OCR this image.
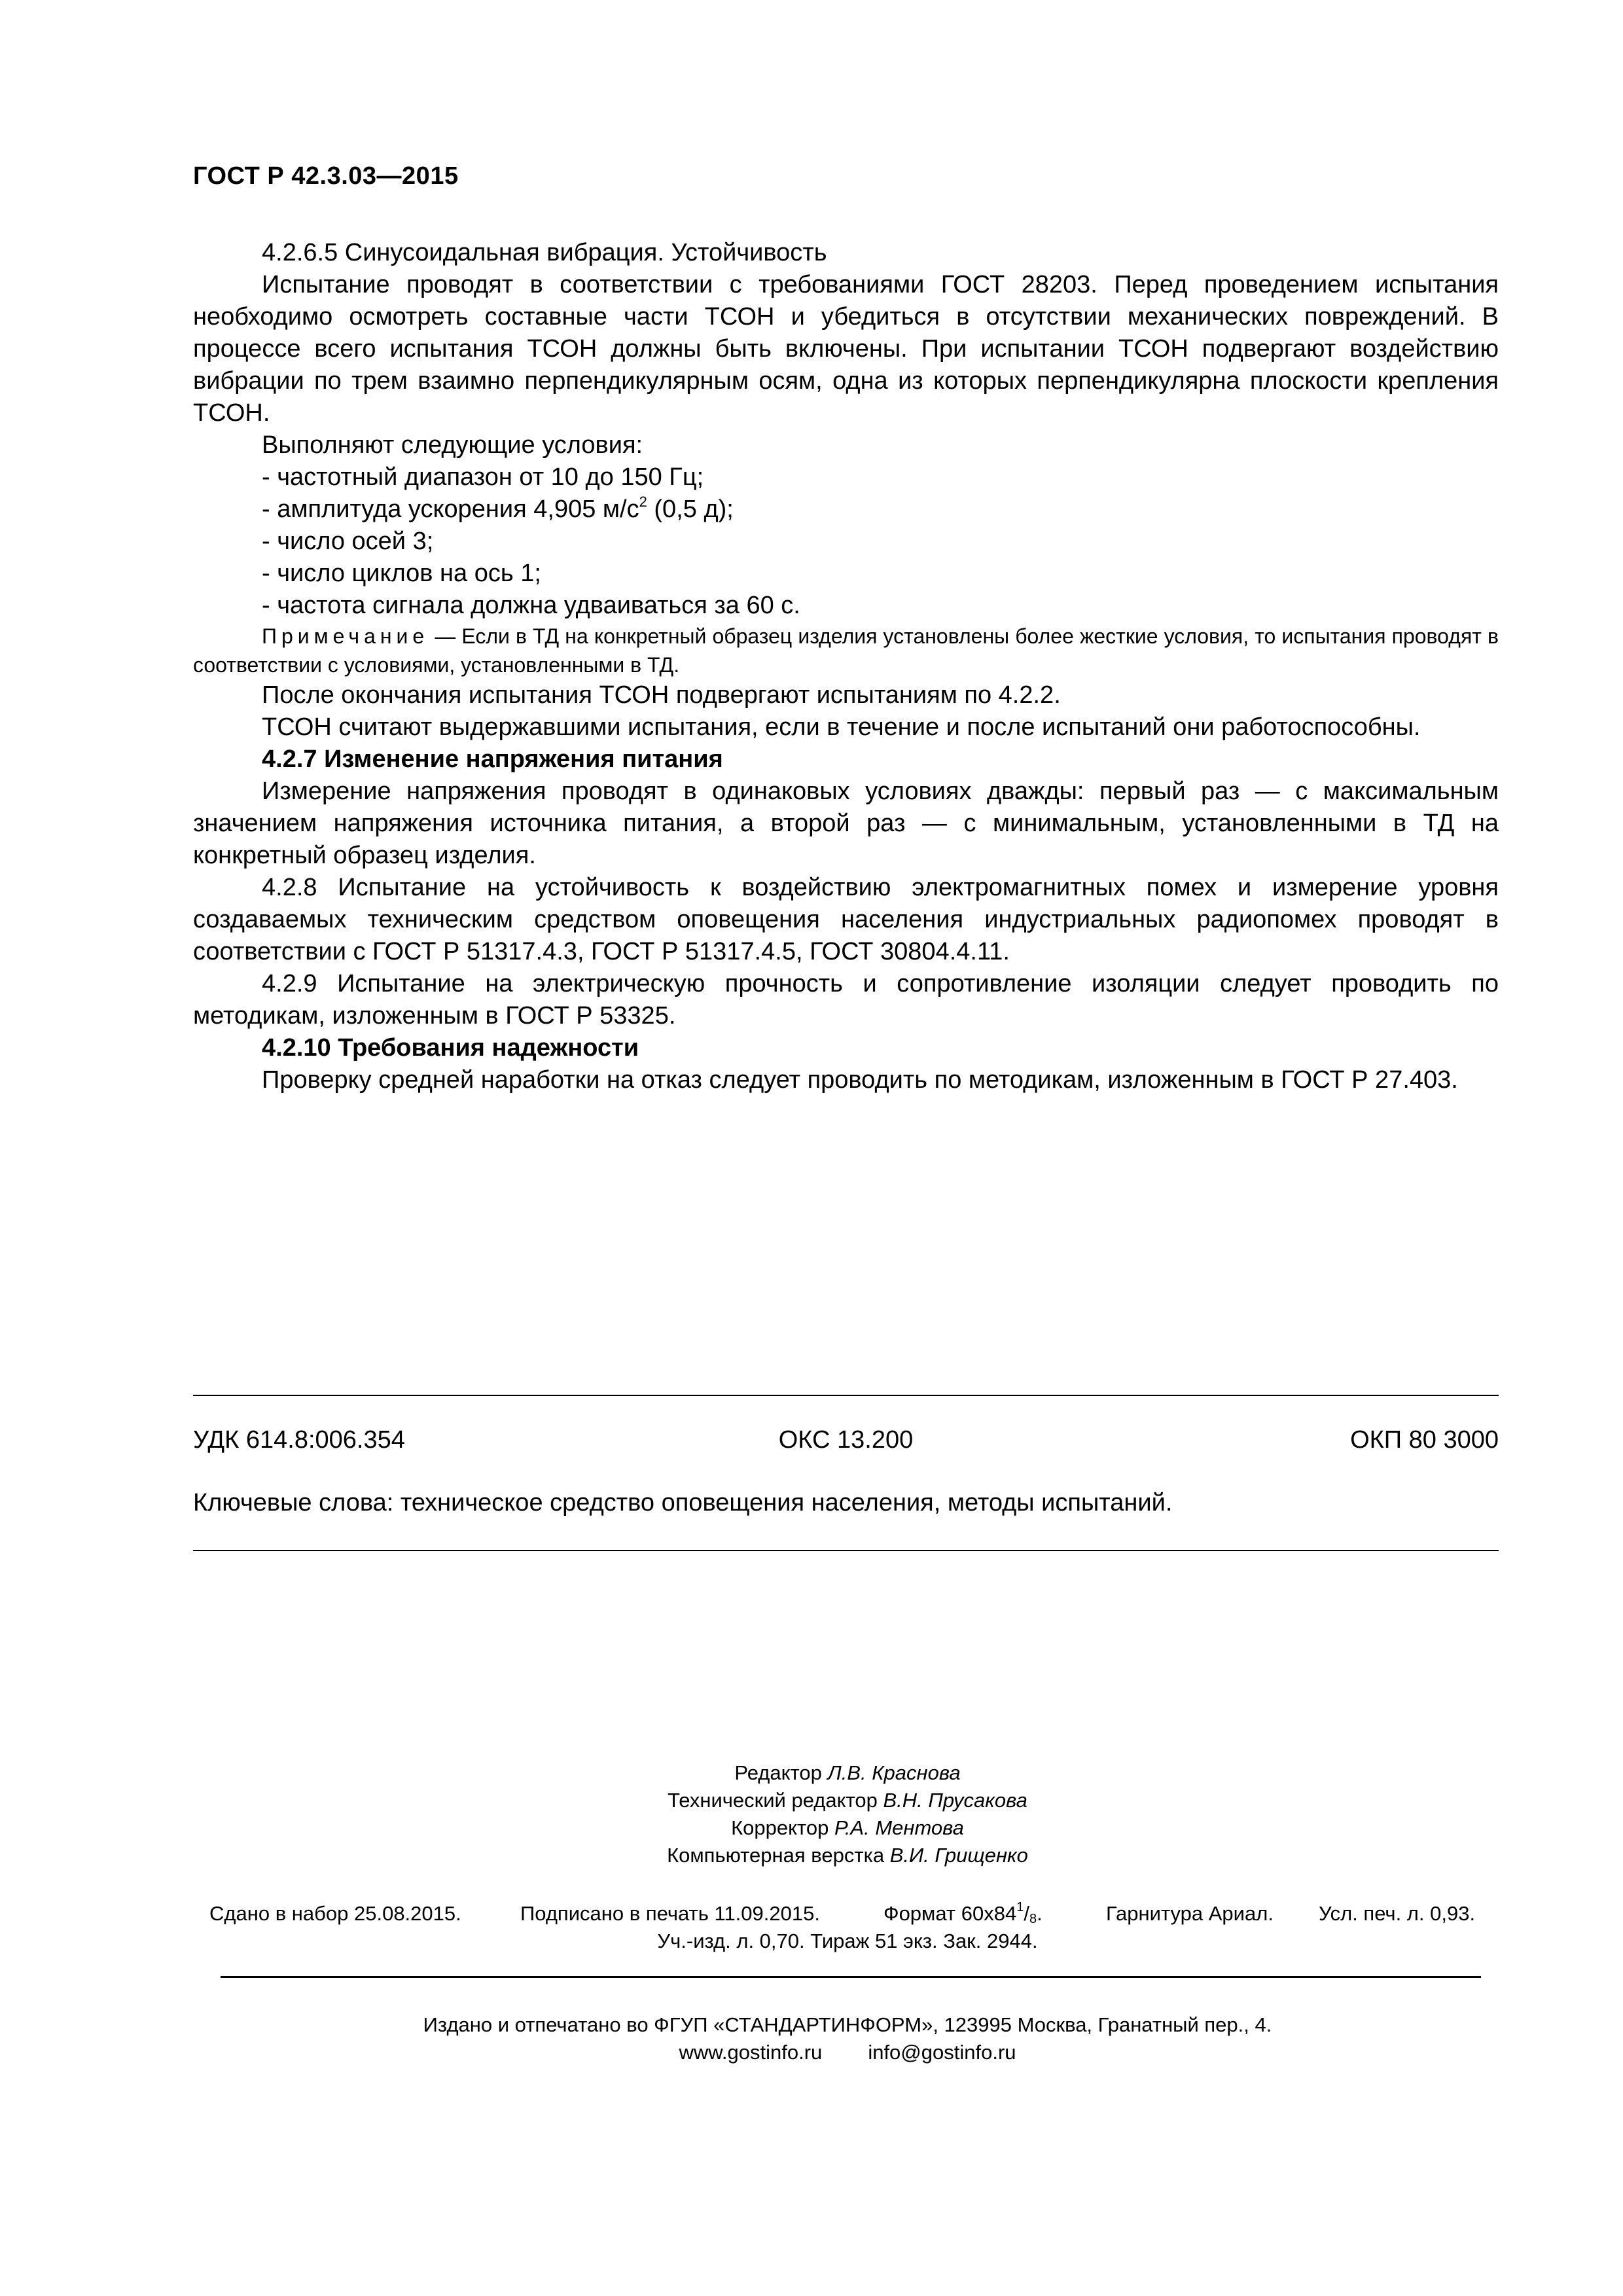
ГОСТ Р 42.3.03—2015

4.2.6.5 Синусоидальная вибрация. Устойчивость

Испытание проводят в соответствии с требованиями ГОСТ 28203. Перед проведением испытания необходимо осмотреть составные части ТСОН и убедиться в отсутствии механических повреждений. В процессе всего испытания ТСОН должны быть включены. При испытании ТСОН подвергают воздействию вибрации по трем взаимно перпендикулярным осям, одна из которых перпендикулярна плоскости крепления ТСОН.

Выполняют следующие условия:

- частотный диапазон от 10 до 150 Гц;

- амплитуда ускорения 4,905 $м/с^2$ (0,5 д);

- число осей 3;

- число циклов на ось 1;

- частота сигнала должна удваиваться за 60 с.

Примечание — Если в ТД на конкретный образец изделия установлены более жесткие условия, то испытания проводят в соответствии с условиями, установленными в ТД.

После окончания испытания ТСОН подвергают испытаниям по 4.2.2.

ТСОН считают выдержавшими испытания, если в течение и после испытаний они работоспособны.

4.2.7 Изменение напряжения питания

Измерение напряжения проводят в одинаковых условиях дважды: первый раз — с максимальным значением напряжения источника питания, а второй раз — с минимальным, установленными в ТД на конкретный образец изделия.

4.2.8 Испытание на устойчивость к воздействию электромагнитных помех и измерение уровня создаваемых техническим средством оповещения населения индустриальных радиопомех проводят в соответствии с ГОСТ Р 51317.4.3, ГОСТ Р 51317.4.5, ГОСТ 30804.4.11.

4.2.9 Испытание на электрическую прочность и сопротивление изоляции следует проводить по методикам, изложенным в ГОСТ Р 53325.

4.2.10 Требования надежности

Проверку средней наработки на отказ следует проводить по методикам, изложенным в ГОСТ Р 27.403.

УДК 614.8:006.354	ОКС 13.200	ОКП 80 3000
Ключевые слова: техническое средство оповещения населения, методы испытаний.
Редактор Л.В. Краснова
Технический редактор В.Н. Прусакова
Корректор Р.А. Ментова
Компьютерная верстка В.И. Грищенко
Сдано в набор 25.08.2015.	Подписано в печать 11.09.2015.	Формат $60х84^1/8$.	Гарнитура Ариал. Усл. печ. л. 0,93.
Уч.-изд. л. 0,70. Тираж 51 экз. Зак. 2944.
Издано и отпечатано во ФГУП «СТАНДАРТИНФОРМ», 123995 Москва, Гранатный пер., 4.
www.gostinfo.ru info@gostinfo.ru
